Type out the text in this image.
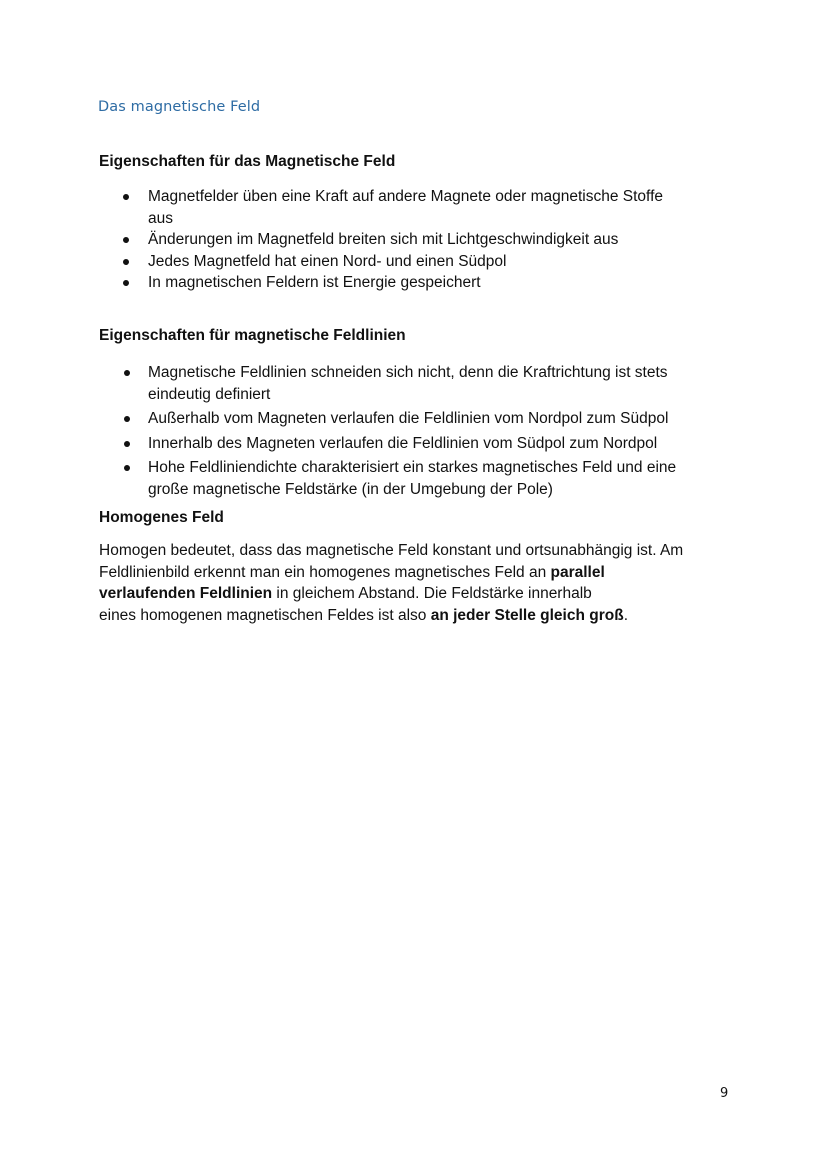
Das magnetische Feld
Eigenschaften für das Magnetische Feld
Magnetfelder üben eine Kraft auf andere Magnete oder magnetische Stoffe
aus
Änderungen im Magnetfeld breiten sich mit Lichtgeschwindigkeit aus
Jedes Magnetfeld hat einen Nord- und einen Südpol
In magnetischen Feldern ist Energie gespeichert
Eigenschaften für magnetische Feldlinien
Magnetische Feldlinien schneiden sich nicht, denn die Kraftrichtung ist stets
eindeutig definiert
Außerhalb vom Magneten verlaufen die Feldlinien vom Nordpol zum Südpol
Innerhalb des Magneten verlaufen die Feldlinien vom Südpol zum Nordpol
Hohe Feldliniendichte charakterisiert ein starkes magnetisches Feld und eine
große magnetische Feldstärke (in der Umgebung der Pole)
Homogenes Feld

Homogen bedeutet, dass das magnetische Feld konstant und ortsunabhängig ist. Am
Feldlinienbild erkennt man ein homogenes magnetisches Feld an parallel
verlaufenden Feldlinien in gleichem Abstand. Die Feldstärke innerhalb
eines homogenen magnetischen Feldes ist also an jeder Stelle gleich groß.

9
